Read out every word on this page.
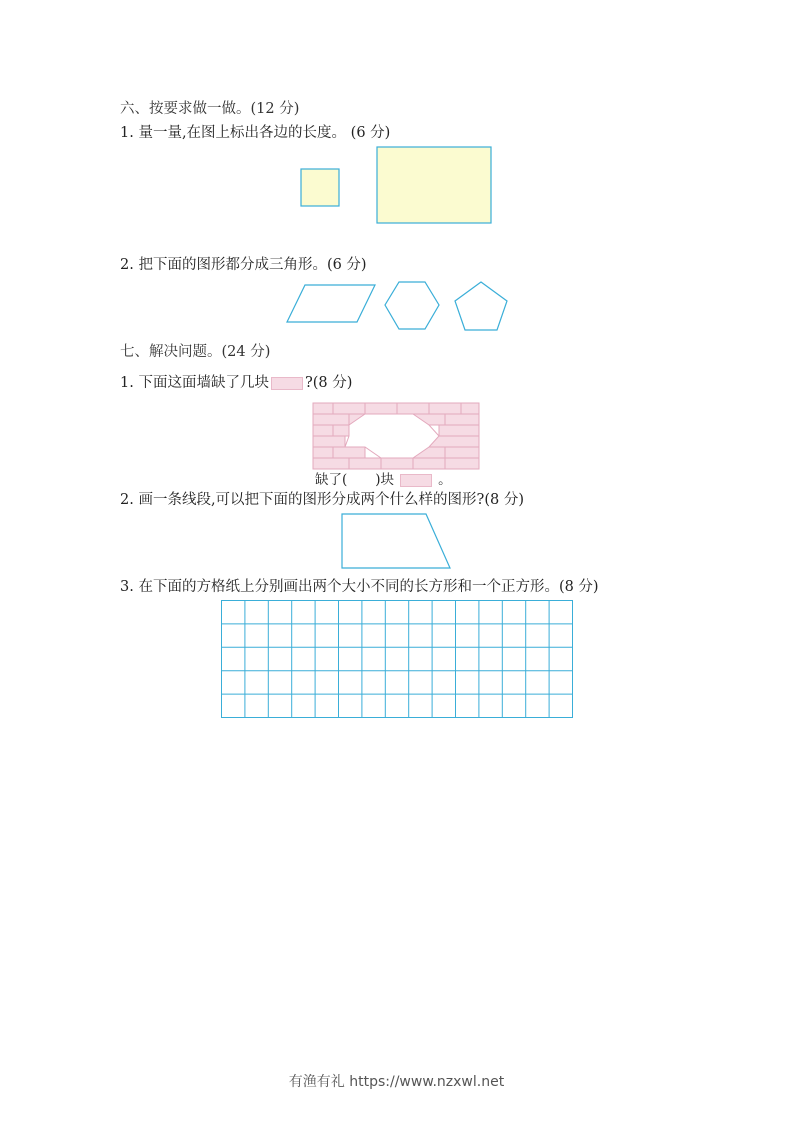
六、按要求做一做。(12 分)
1. 量一量,在图上标出各边的长度。 (6 分)
2. 把下面的图形都分成三角形。(6 分)
七、解决问题。(24 分)
1. 下面这面墙缺了几块 ?(8 分)
缺了( )块	。
2. 画一条线段,可以把下面的图形分成两个什么样的图形?(8 分)
3. 在下面的方格纸上分别画出两个大小不同的长方形和一个正方形。(8 分)
有渔有礼 https://www.nzxwl.net
